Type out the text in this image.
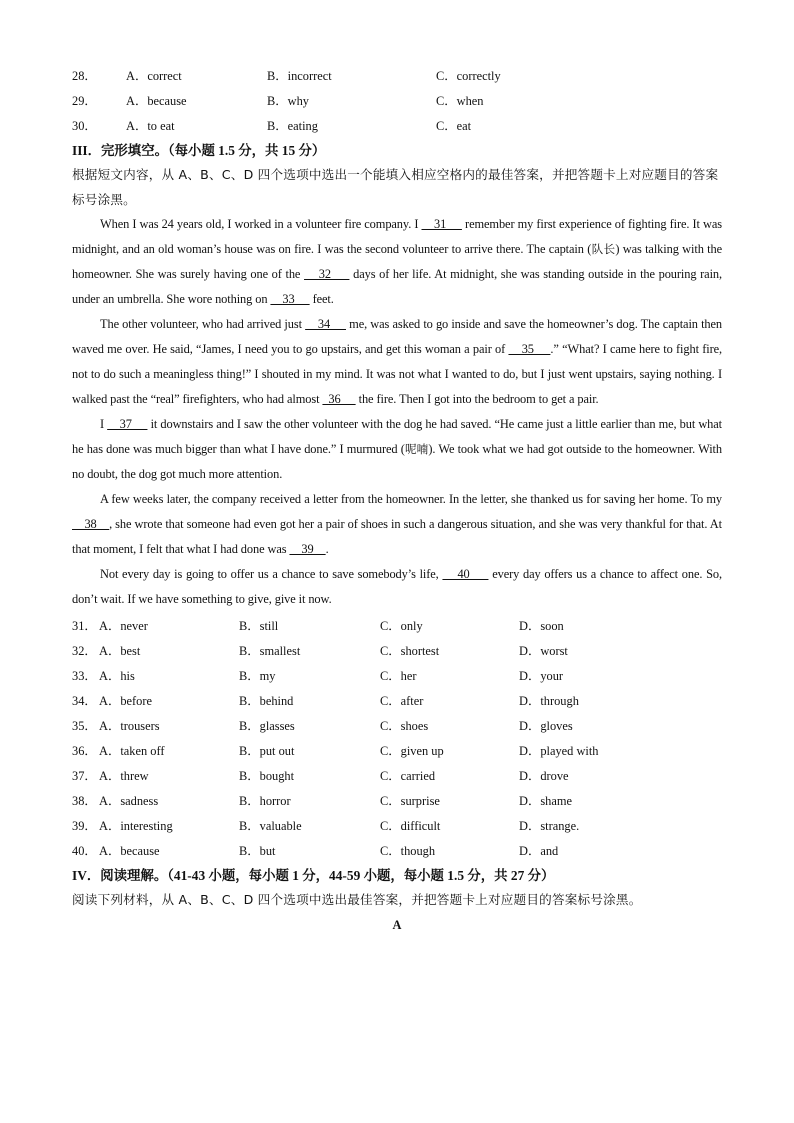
28．	A．correct	B．incorrect	C．correctly
29．	A．because	B．why	C．when
30．	A．to eat	B．eating	C．eat
III．完形填空。（每小题 1.5 分，共 15 分）
根据短文内容，从 A、B、C、D 四个选项中选出一个能填入相应空格内的最佳答案，并把答题卡上对应题目的答案标号涂黑。

When I was 24 years old, I worked in a volunteer fire company. I     31      remember my first experience of fighting fire. It was midnight, and an old woman’s house was on fire. I was the second volunteer to arrive there. The captain (队长) was talking with the homeowner. She was surely having one of the     32      days of her life. At midnight, she was standing outside in the pouring rain, under an umbrella. She wore nothing on     33      feet.

The other volunteer, who had arrived just     34      me, was asked to go inside and save the homeowner’s dog. The captain then waved me over. He said, “James, I need you to go upstairs, and get this woman a pair of     35     .” “What? I came here to fight fire, not to do such a meaningless thing!” I shouted in my mind. It was not what I wanted to do, but I just went upstairs, saying nothing. I walked past the “real” firefighters, who had almost   36      the fire. Then I got into the bedroom to get a pair.

I     37      it downstairs and I saw the other volunteer with the dog he had saved. “He came just a little earlier than me, but what he has done was much bigger than what I have done.” I murmured (呢喃). We took what we had got outside to the homeowner. With no doubt, the dog got much more attention.

A few weeks later, the company received a letter from the homeowner. In the letter, she thanked us for saving her home. To my     38    , she wrote that someone had even got her a pair of shoes in such a dangerous situation, and she was very thankful for that. At that moment, I felt that what I had done was     39    .

Not every day is going to offer us a chance to save somebody’s life,     40      every day offers us a chance to affect one. So, don’t wait. If we have something to give, give it now.

31． A．never	B．still	C．only	D．soon
32． A．best	B．smallest	C．shortest	D．worst
33． A．his	B．my	C．her	D．your
34． A．before	B．behind	C．after	D．through
35． A．trousers	B．glasses	C．shoes	D．gloves
36． A．taken off	B．put out	C．given up	D．played with
37． A．threw	B．bought	C．carried	D．drove
38． A．sadness	B．horror	C．surprise	D．shame
39． A．interesting	B．valuable	C．difficult	D．strange.
40． A．because	B．but	C．though	D．and
IV．阅读理解。（41-43 小题，每小题 1 分，44-59 小题，每小题 1.5 分，共 27 分）
阅读下列材料，从 A、B、C、D 四个选项中选出最佳答案，并把答题卡上对应题目的答案标号涂黑。
A
